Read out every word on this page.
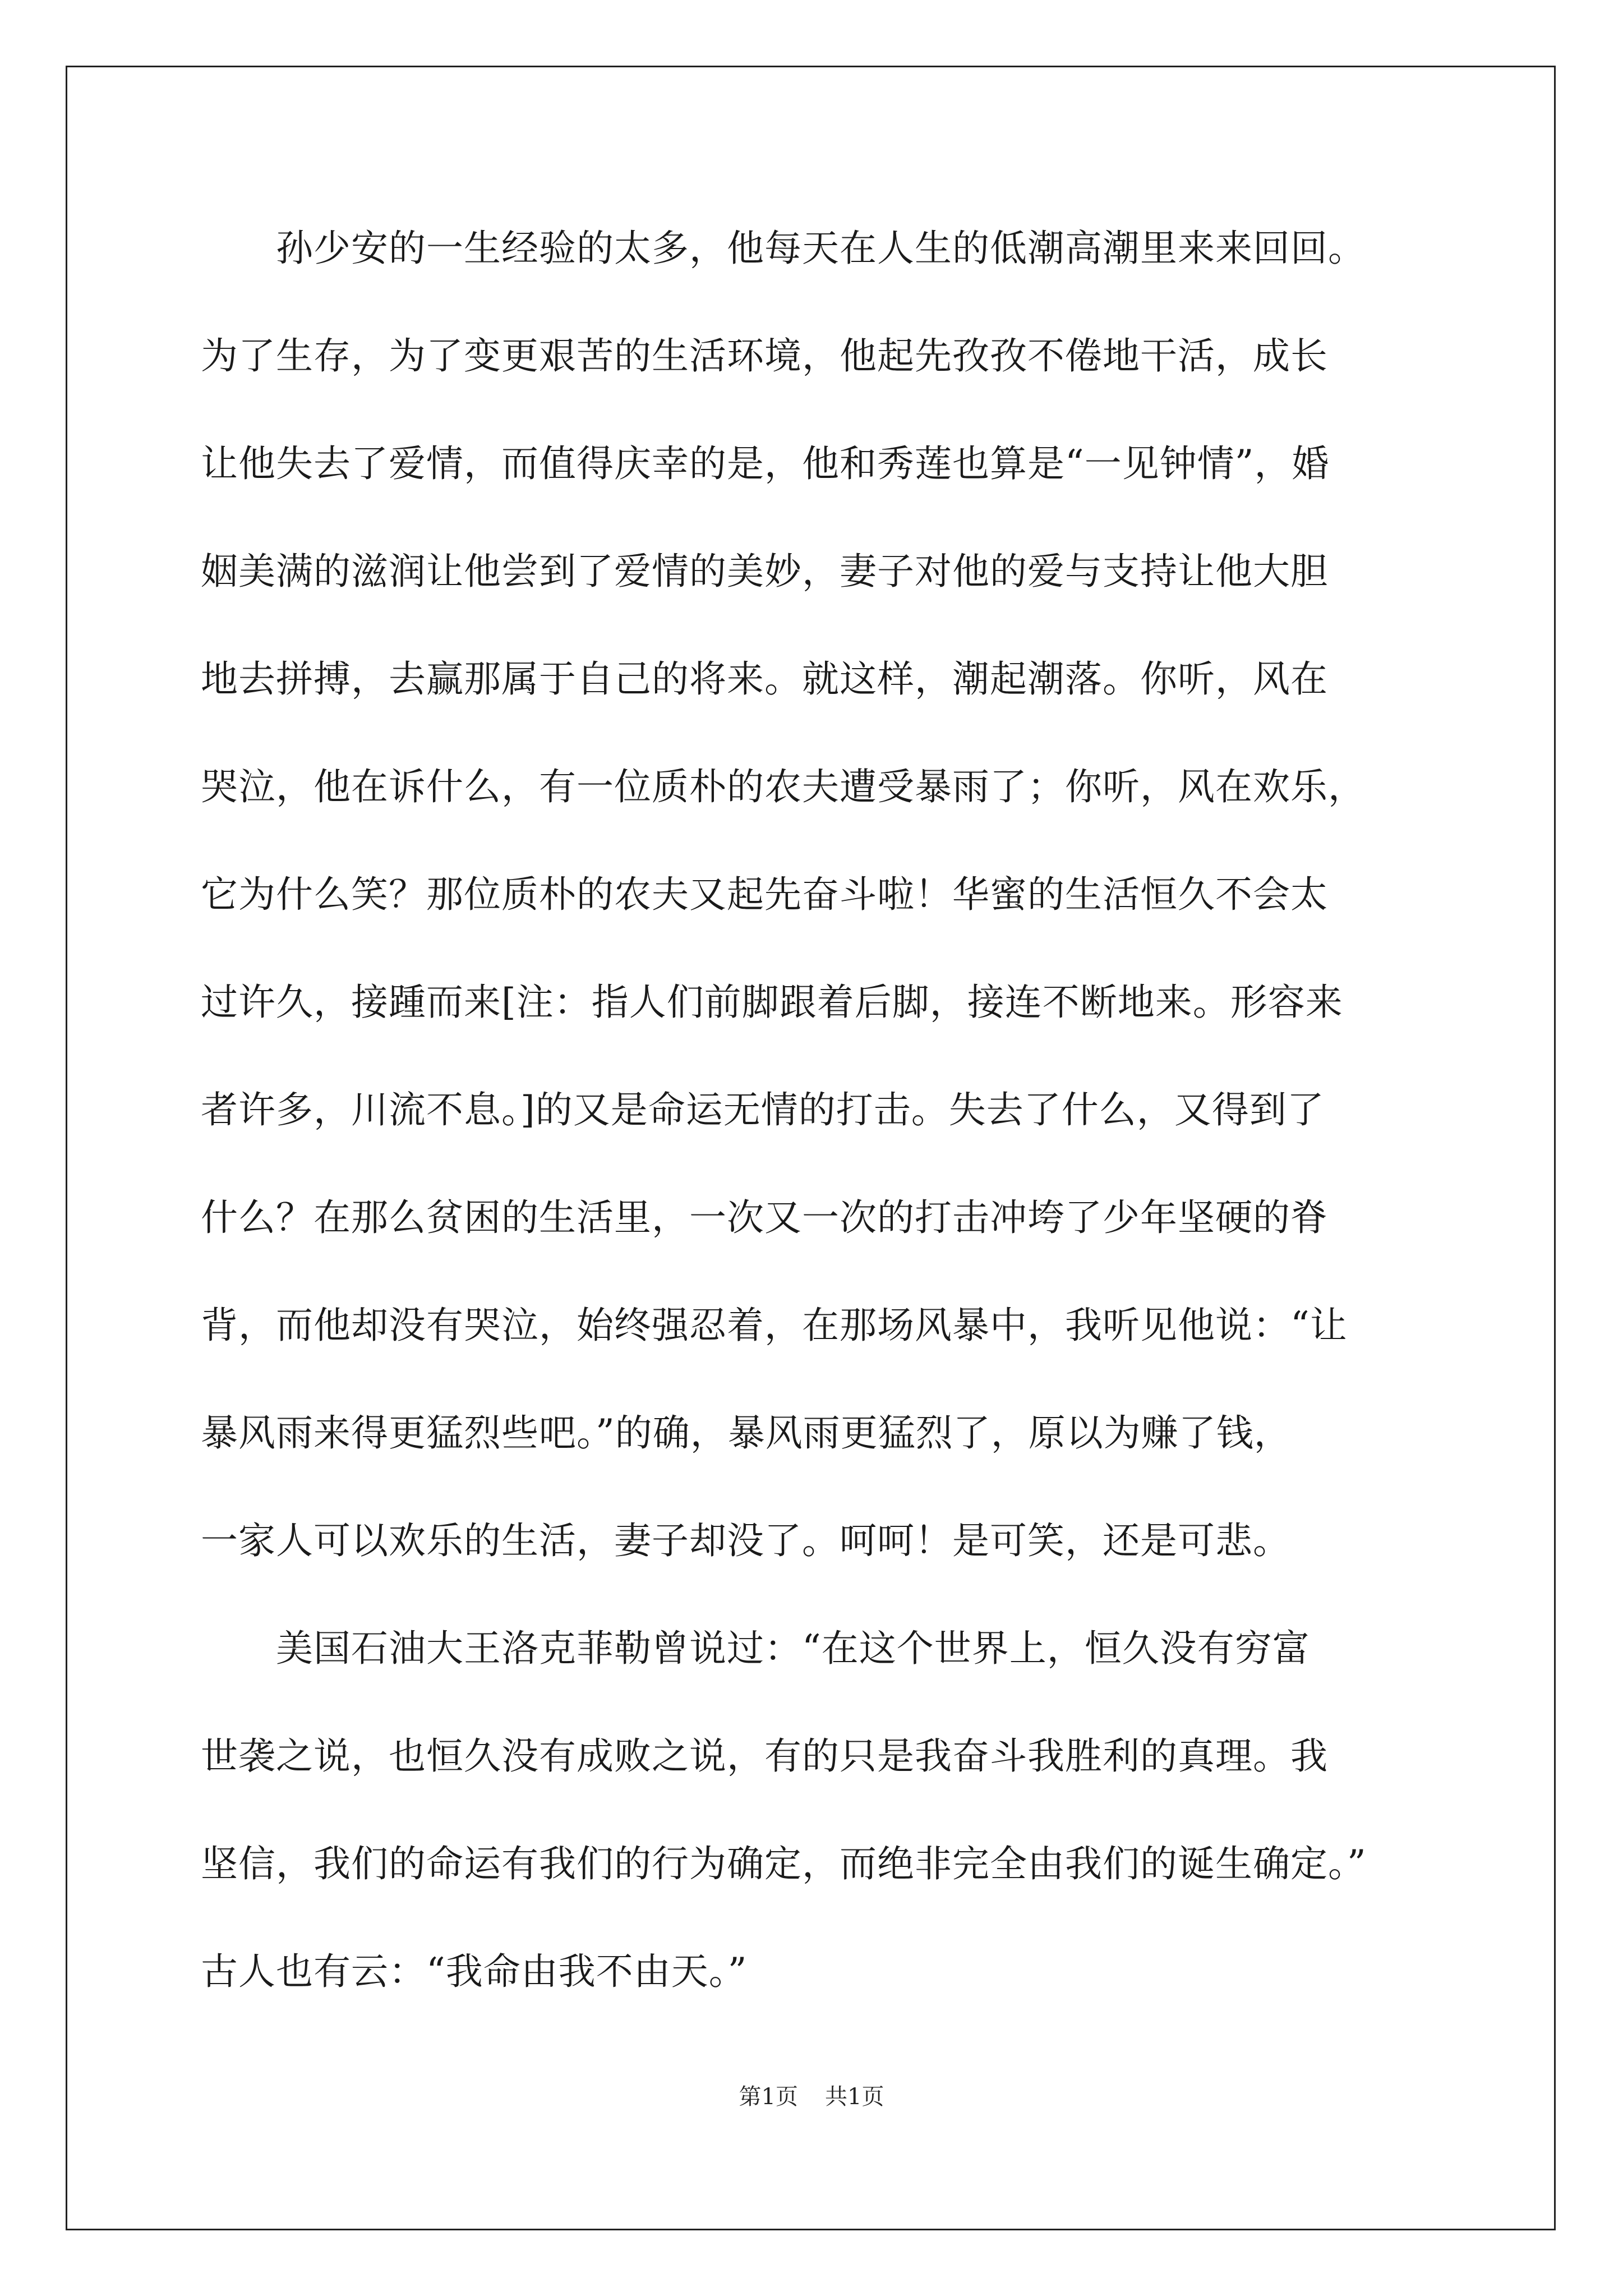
　　孙少安的一生经验的太多，他每天在人生的低潮高潮里来来回回。
为了生存，为了变更艰苦的生活环境，他起先孜孜不倦地干活，成长
让他失去了爱情，而值得庆幸的是，他和秀莲也算是“一见钟情”，婚
姻美满的滋润让他尝到了爱情的美妙，妻子对他的爱与支持让他大胆
地去拼搏，去赢那属于自己的将来。就这样，潮起潮落。你听，风在
哭泣，他在诉什么，有一位质朴的农夫遭受暴雨了；你听，风在欢乐，
它为什么笑？那位质朴的农夫又起先奋斗啦！华蜜的生活恒久不会太
过许久，接踵而来[注：指人们前脚跟着后脚，接连不断地来。形容来
者许多，川流不息。]的又是命运无情的打击。失去了什么，又得到了
什么？在那么贫困的生活里，一次又一次的打击冲垮了少年坚硬的脊
背，而他却没有哭泣，始终强忍着，在那场风暴中，我听见他说：“让
暴风雨来得更猛烈些吧。”的确，暴风雨更猛烈了，原以为赚了钱，
一家人可以欢乐的生活，妻子却没了。呵呵！是可笑，还是可悲。
　　美国石油大王洛克菲勒曾说过：“在这个世界上，恒久没有穷富
世袭之说，也恒久没有成败之说，有的只是我奋斗我胜利的真理。我
坚信，我们的命运有我们的行为确定，而绝非完全由我们的诞生确定。”
古人也有云：“我命由我不由天。”
第1页 共1页
